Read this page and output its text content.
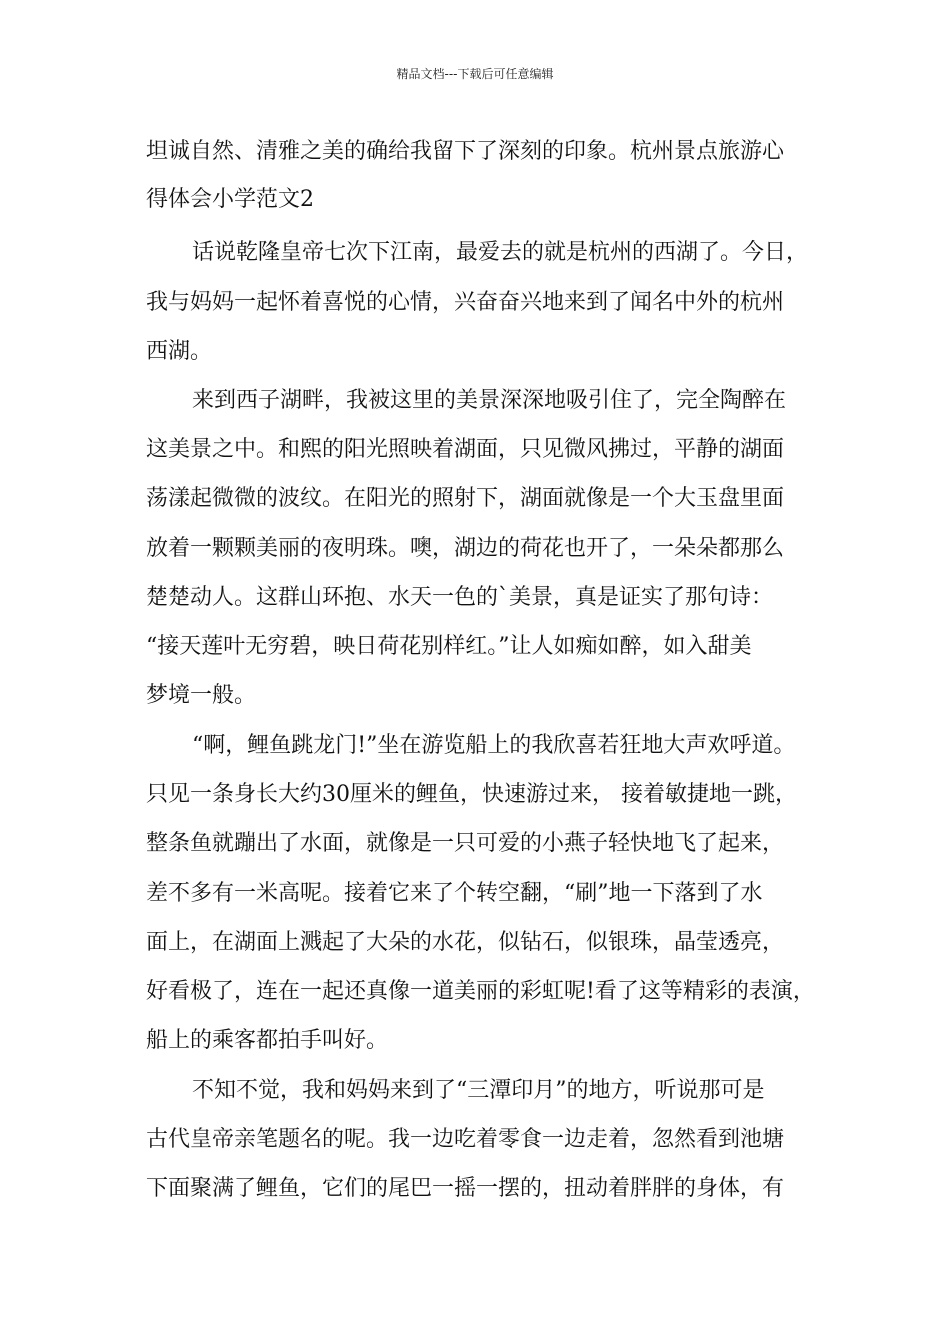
精品文档---下载后可任意编辑
坦诚自然、清雅之美的确给我留下了深刻的印象。杭州景点旅游心
得体会小学范文2
话说乾隆皇帝七次下江南，最爱去的就是杭州的西湖了。今日，
我与妈妈一起怀着喜悦的心情，兴奋奋兴地来到了闻名中外的杭州
西湖。
来到西子湖畔，我被这里的美景深深地吸引住了，完全陶醉在
这美景之中。和熙的阳光照映着湖面，只见微风拂过，平静的湖面
荡漾起微微的波纹。在阳光的照射下，湖面就像是一个大玉盘里面
放着一颗颗美丽的夜明珠。噢，湖边的荷花也开了，一朵朵都那么
楚楚动人。这群山环抱、水天一色的`美景，真是证实了那句诗：
“接天莲叶无穷碧，映日荷花别样红。”让人如痴如醉，如入甜美
梦境一般。
“啊，鲤鱼跳龙门!”坐在游览船上的我欣喜若狂地大声欢呼道。
只见一条身长大约30厘米的鲤鱼，快速游过来， 接着敏捷地一跳，
整条鱼就蹦出了水面，就像是一只可爱的小燕子轻快地飞了起来，
差不多有一米高呢。接着它来了个转空翻，“刷”地一下落到了水
面上，在湖面上溅起了大朵的水花，似钻石，似银珠，晶莹透亮，
好看极了，连在一起还真像一道美丽的彩虹呢!看了这等精彩的表演，
船上的乘客都拍手叫好。
不知不觉，我和妈妈来到了“三潭印月”的地方，听说那可是
古代皇帝亲笔题名的呢。我一边吃着零食一边走着，忽然看到池塘
下面聚满了鲤鱼，它们的尾巴一摇一摆的，扭动着胖胖的身体，有
